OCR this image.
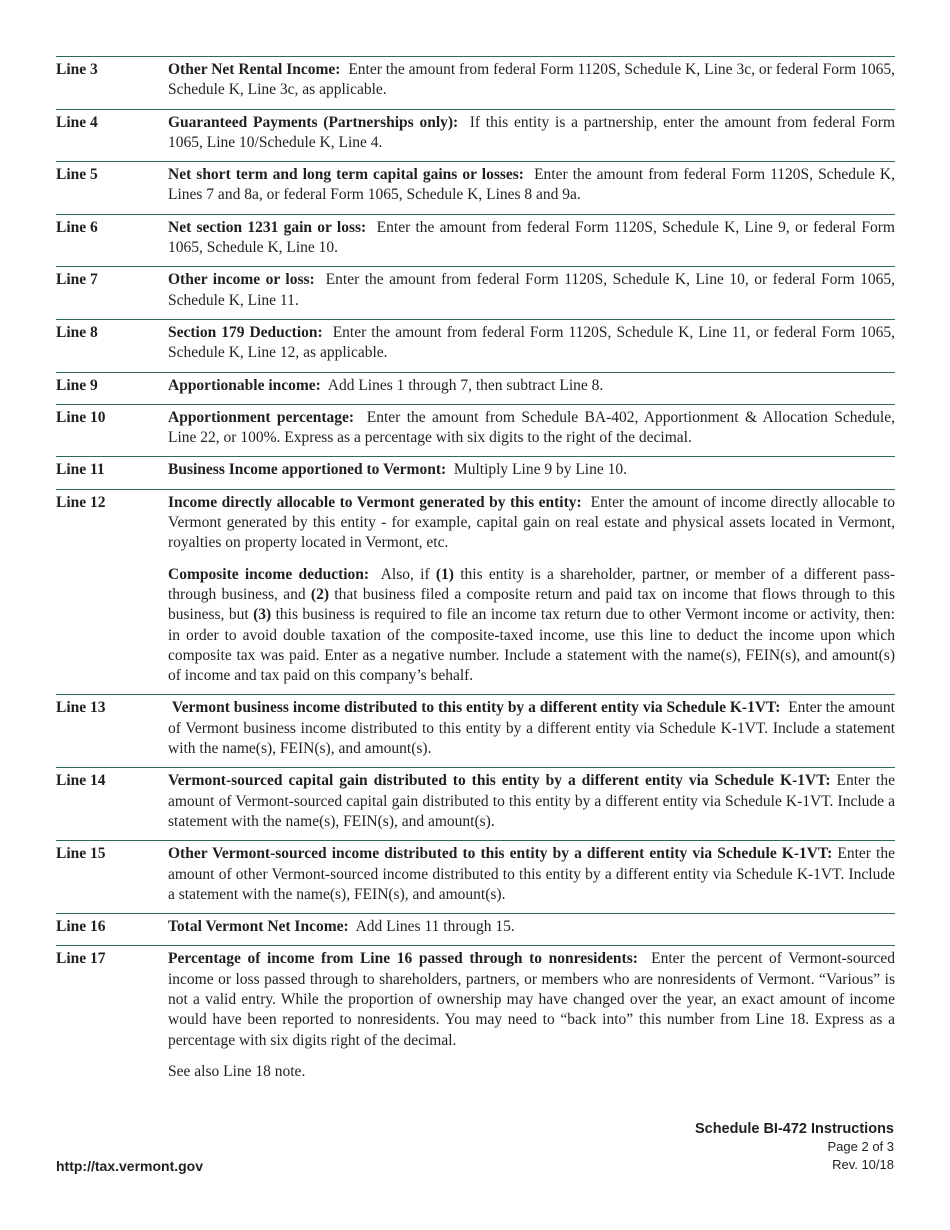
Line 3	Other Net Rental Income: Enter the amount from federal Form 1120S, Schedule K, Line 3c, or federal Form 1065, Schedule K, Line 3c, as applicable.
Line 4	Guaranteed Payments (Partnerships only): If this entity is a partnership, enter the amount from federal Form 1065, Line 10/Schedule K, Line 4.
Line 5	Net short term and long term capital gains or losses: Enter the amount from federal Form 1120S, Schedule K, Lines 7 and 8a, or federal Form 1065, Schedule K, Lines 8 and 9a.
Line 6	Net section 1231 gain or loss: Enter the amount from federal Form 1120S, Schedule K, Line 9, or federal Form 1065, Schedule K, Line 10.
Line 7	Other income or loss: Enter the amount from federal Form 1120S, Schedule K, Line 10, or federal Form 1065, Schedule K, Line 11.
Line 8	Section 179 Deduction: Enter the amount from federal Form 1120S, Schedule K, Line 11, or federal Form 1065, Schedule K, Line 12, as applicable.
Line 9	Apportionable income: Add Lines 1 through 7, then subtract Line 8.
Line 10	Apportionment percentage: Enter the amount from Schedule BA-402, Apportionment & Allocation Schedule, Line 22, or 100%. Express as a percentage with six digits to the right of the decimal.
Line 11	Business Income apportioned to Vermont: Multiply Line 9 by Line 10.
Line 12	Income directly allocable to Vermont generated by this entity: Enter the amount of income directly allocable to Vermont generated by this entity - for example, capital gain on real estate and physical assets located in Vermont, royalties on property located in Vermont, etc.
Composite income deduction: Also, if (1) this entity is a shareholder, partner, or member of a different pass-through business, and (2) that business filed a composite return and paid tax on income that flows through to this business, but (3) this business is required to file an income tax return due to other Vermont income or activity, then: in order to avoid double taxation of the composite-taxed income, use this line to deduct the income upon which composite tax was paid. Enter as a negative number. Include a statement with the name(s), FEIN(s), and amount(s) of income and tax paid on this company’s behalf.
Line 13	Vermont business income distributed to this entity by a different entity via Schedule K-1VT: Enter the amount of Vermont business income distributed to this entity by a different entity via Schedule K-1VT. Include a statement with the name(s), FEIN(s), and amount(s).
Line 14	Vermont-sourced capital gain distributed to this entity by a different entity via Schedule K-1VT: Enter the amount of Vermont-sourced capital gain distributed to this entity by a different entity via Schedule K-1VT. Include a statement with the name(s), FEIN(s), and amount(s).
Line 15	Other Vermont-sourced income distributed to this entity by a different entity via Schedule K-1VT: Enter the amount of other Vermont-sourced income distributed to this entity by a different entity via Schedule K-1VT. Include a statement with the name(s), FEIN(s), and amount(s).
Line 16	Total Vermont Net Income: Add Lines 11 through 15.
Line 17	Percentage of income from Line 16 passed through to nonresidents: Enter the percent of Vermont-sourced income or loss passed through to shareholders, partners, or members who are nonresidents of Vermont. “Various” is not a valid entry. While the proportion of ownership may have changed over the year, an exact amount of income would have been reported to nonresidents. You may need to “back into” this number from Line 18. Express as a percentage with six digits right of the decimal.
See also Line 18 note.
Schedule BI-472 Instructions
Page 2 of 3
Rev. 10/18
http://tax.vermont.gov
